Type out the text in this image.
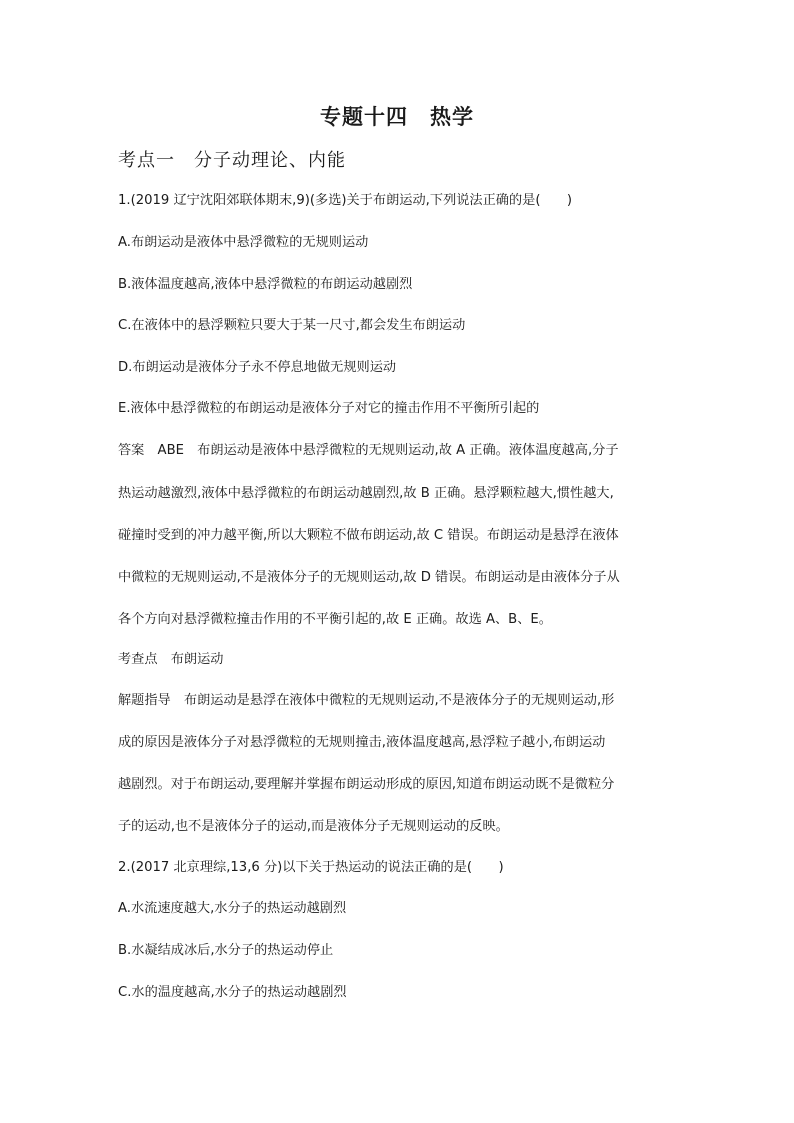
专题十四　热学
考点一　分子动理论、内能
1.(2019 辽宁沈阳郊联体期末,9)(多选)关于布朗运动,下列说法正确的是(　　)
A.布朗运动是液体中悬浮微粒的无规则运动
B.液体温度越高,液体中悬浮微粒的布朗运动越剧烈
C.在液体中的悬浮颗粒只要大于某一尺寸,都会发生布朗运动
D.布朗运动是液体分子永不停息地做无规则运动
E.液体中悬浮微粒的布朗运动是液体分子对它的撞击作用不平衡所引起的
答案　ABE　布朗运动是液体中悬浮微粒的无规则运动,故 A 正确。液体温度越高,分子
热运动越激烈,液体中悬浮微粒的布朗运动越剧烈,故 B 正确。悬浮颗粒越大,惯性越大,
碰撞时受到的冲力越平衡,所以大颗粒不做布朗运动,故 C 错误。布朗运动是悬浮在液体
中微粒的无规则运动,不是液体分子的无规则运动,故 D 错误。布朗运动是由液体分子从
各个方向对悬浮微粒撞击作用的不平衡引起的,故 E 正确。故选 A、B、E。
考查点　布朗运动
解题指导　布朗运动是悬浮在液体中微粒的无规则运动,不是液体分子的无规则运动,形
成的原因是液体分子对悬浮微粒的无规则撞击,液体温度越高,悬浮粒子越小,布朗运动
越剧烈。对于布朗运动,要理解并掌握布朗运动形成的原因,知道布朗运动既不是微粒分
子的运动,也不是液体分子的运动,而是液体分子无规则运动的反映。
2.(2017 北京理综,13,6 分)以下关于热运动的说法正确的是(　　)
A.水流速度越大,水分子的热运动越剧烈
B.水凝结成冰后,水分子的热运动停止
C.水的温度越高,水分子的热运动越剧烈
